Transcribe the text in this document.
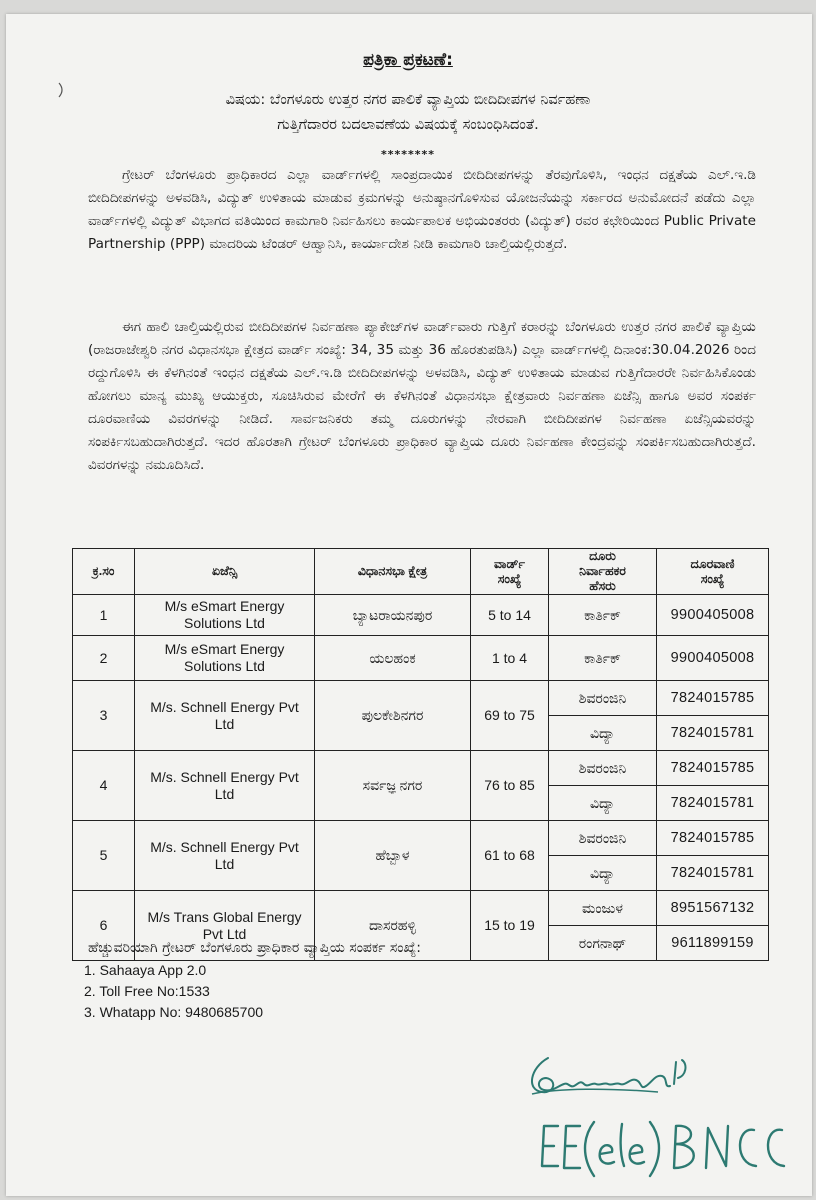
ಪತ್ರಿಕಾ ಪ್ರಕಟಣೆ:
ವಿಷಯ: ಬೆಂಗಳೂರು ಉತ್ತರ ನಗರ ಪಾಲಿಕೆ ವ್ಯಾಪ್ತಿಯ ಬೀದಿದೀಪಗಳ ನಿರ್ವಹಣಾ
ಗುತ್ತಿಗೆದಾರರ ಬದಲಾವಣೆಯ ವಿಷಯಕ್ಕೆ ಸಂಬಂಧಿಸಿದಂತೆ.
********

ಗ್ರೇಟರ್ ಬೆಂಗಳೂರು ಪ್ರಾಧಿಕಾರದ ಎಲ್ಲಾ ವಾರ್ಡ್‌ಗಳಲ್ಲಿ ಸಾಂಪ್ರದಾಯಿಕ ಬೀದಿದೀಪಗಳನ್ನು ತೆರವುಗೊಳಿಸಿ, ಇಂಧನ ದಕ್ಷತೆಯ ಎಲ್.ಇ.ಡಿ ಬೀದಿದೀಪಗಳನ್ನು ಅಳವಡಿಸಿ, ವಿದ್ಯುತ್ ಉಳಿತಾಯ ಮಾಡುವ ಕ್ರಮಗಳನ್ನು ಅನುಷ್ಠಾನಗೊಳಿಸುವ ಯೋಜನೆಯನ್ನು ಸರ್ಕಾರದ ಅನುಮೋದನೆ ಪಡೆದು ಎಲ್ಲಾ ವಾರ್ಡ್‌ಗಳಲ್ಲಿ ವಿದ್ಯುತ್ ವಿಭಾಗದ ವತಿಯಿಂದ ಕಾಮಗಾರಿ ನಿರ್ವಹಿಸಲು ಕಾರ್ಯಪಾಲಕ ಅಭಿಯಂತರರು (ವಿದ್ಯುತ್) ರವರ ಕಛೇರಿಯಿಂದ Public Private Partnership (PPP) ಮಾದರಿಯ ಟೆಂಡರ್ ಆಹ್ವಾನಿಸಿ, ಕಾರ್ಯಾದೇಶ ನೀಡಿ ಕಾಮಗಾರಿ ಚಾಲ್ತಿಯಲ್ಲಿರುತ್ತದೆ.

ಈಗ ಹಾಲಿ ಚಾಲ್ತಿಯಲ್ಲಿರುವ ಬೀದಿದೀಪಗಳ ನಿರ್ವಹಣಾ ಪ್ಯಾಕೇಜ್‌ಗಳ ವಾರ್ಡ್‌ವಾರು ಗುತ್ತಿಗೆ ಕರಾರನ್ನು ಬೆಂಗಳೂರು ಉತ್ತರ ನಗರ ಪಾಲಿಕೆ ವ್ಯಾಪ್ತಿಯ (ರಾಜರಾಜೇಶ್ವರಿ ನಗರ ವಿಧಾನಸಭಾ ಕ್ಷೇತ್ರದ ವಾರ್ಡ್ ಸಂಖ್ಯೆ: 34, 35 ಮತ್ತು 36 ಹೊರತುಪಡಿಸಿ) ಎಲ್ಲಾ ವಾರ್ಡ್‌ಗಳಲ್ಲಿ ದಿನಾಂಕ:30.04.2026 ರಿಂದ ರದ್ದುಗೊಳಿಸಿ ಈ ಕೆಳಗಿನಂತೆ ಇಂಧನ ದಕ್ಷತೆಯ ಎಲ್.ಇ.ಡಿ ಬೀದಿದೀಪಗಳನ್ನು ಅಳವಡಿಸಿ, ವಿದ್ಯುತ್ ಉಳಿತಾಯ ಮಾಡುವ ಗುತ್ತಿಗೆದಾರರೇ ನಿರ್ವಹಿಸಿಕೊಂಡು ಹೋಗಲು ಮಾನ್ಯ ಮುಖ್ಯ ಆಯುಕ್ತರು, ಸೂಚಿಸಿರುವ ಮೇರೆಗೆ ಈ ಕೆಳಗಿನಂತೆ ವಿಧಾನಸಭಾ ಕ್ಷೇತ್ರವಾರು ನಿರ್ವಹಣಾ ಏಜೆನ್ಸಿ ಹಾಗೂ ಅವರ ಸಂಪರ್ಕ ದೂರವಾಣಿಯ ವಿವರಗಳನ್ನು ನೀಡಿದೆ. ಸಾರ್ವಜನಿಕರು ತಮ್ಮ ದೂರುಗಳನ್ನು ನೇರವಾಗಿ ಬೀದಿದೀಪಗಳ ನಿರ್ವಹಣಾ ಏಜೆನ್ಸಿಯವರನ್ನು ಸಂಪರ್ಕಿಸಬಹುದಾಗಿರುತ್ತದೆ. ಇದರ ಹೊರತಾಗಿ ಗ್ರೇಟರ್ ಬೆಂಗಳೂರು ಪ್ರಾಧಿಕಾರ ವ್ಯಾಪ್ತಿಯ ದೂರು ನಿರ್ವಹಣಾ ಕೇಂದ್ರವನ್ನು ಸಂಪರ್ಕಿಸಬಹುದಾಗಿರುತ್ತದೆ. ವಿವರಗಳನ್ನು ನಮೂದಿಸಿದೆ.

ಕ್ರ.ಸಂ	ಏಜೆನ್ಸಿ	ವಿಧಾನಸಭಾ ಕ್ಷೇತ್ರ	ವಾರ್ಡ್
ಸಂಖ್ಯೆ	ದೂರು
ನಿರ್ವಾಹಕರ
ಹೆಸರು	ದೂರವಾಣಿ
ಸಂಖ್ಯೆ
1	M/s eSmart Energy
Solutions Ltd	ಬ್ಯಾಟರಾಯನಪುರ	5 to 14	ಕಾರ್ತಿಕ್	9900405008
2	M/s eSmart Energy
Solutions Ltd	ಯಲಹಂಕ	1 to 4	ಕಾರ್ತಿಕ್	9900405008
3	M/s. Schnell Energy Pvt
Ltd	ಪುಲಕೇಶಿನಗರ	69 to 75	ಶಿವರಂಜಿನಿ	7824015785
				ವಿದ್ಯಾ	7824015781
4	M/s. Schnell Energy Pvt
Ltd	ಸರ್ವಜ್ಞ ನಗರ	76 to 85	ಶಿವರಂಜಿನಿ	7824015785
				ವಿದ್ಯಾ	7824015781
5	M/s. Schnell Energy Pvt
Ltd	ಹೆಬ್ಬಾಳ	61 to 68	ಶಿವರಂಜಿನಿ	7824015785
				ವಿದ್ಯಾ	7824015781
6	M/s Trans Global Energy
Pvt Ltd	ದಾಸರಹಳ್ಳಿ	15 to 19	ಮಂಜುಳ	8951567132
				ರಂಗನಾಥ್	9611899159
ಹೆಚ್ಚುವರಿಯಾಗಿ ಗ್ರೇಟರ್ ಬೆಂಗಳೂರು ಪ್ರಾಧಿಕಾರ ವ್ಯಾಪ್ತಿಯ ಸಂಪರ್ಕ ಸಂಖ್ಯೆ:
1. Sahaaya App 2.0
2. Toll Free No:1533
3. Whatapp No: 9480685700
